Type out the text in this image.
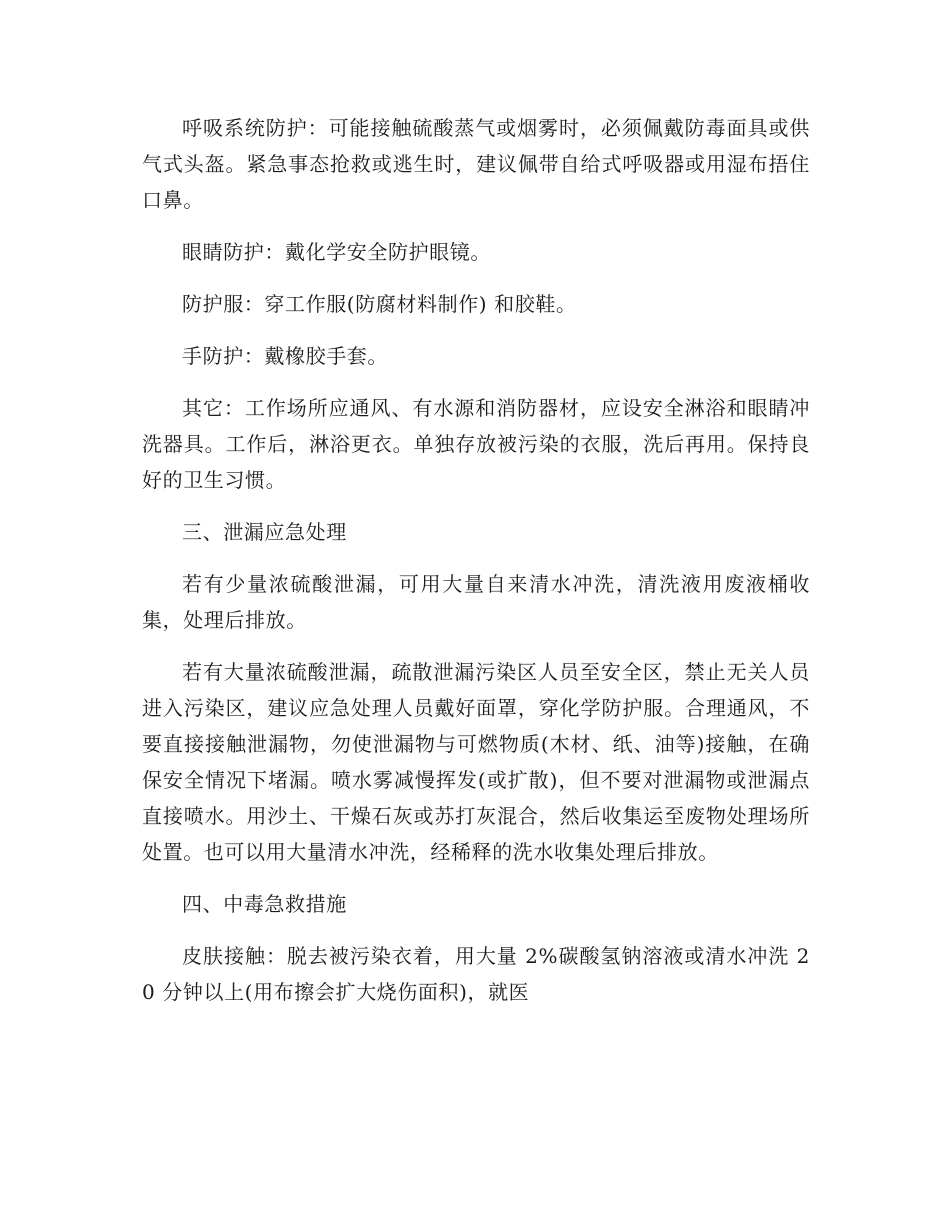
呼吸系统防护：可能接触硫酸蒸气或烟雾时，必须佩戴防毒面具或供气式头盔。紧急事态抢救或逃生时，建议佩带自给式呼吸器或用湿布捂住口鼻。

眼睛防护：戴化学安全防护眼镜。

防护服：穿工作服(防腐材料制作) 和胶鞋。

手防护：戴橡胶手套。

其它：工作场所应通风、有水源和消防器材，应设安全淋浴和眼睛冲洗器具。工作后，淋浴更衣。单独存放被污染的衣服，洗后再用。保持良好的卫生习惯。

三、泄漏应急处理

若有少量浓硫酸泄漏，可用大量自来清水冲洗，清洗液用废液桶收集，处理后排放。

若有大量浓硫酸泄漏，疏散泄漏污染区人员至安全区，禁止无关人员进入污染区，建议应急处理人员戴好面罩，穿化学防护服。合理通风，不要直接接触泄漏物，勿使泄漏物与可燃物质(木材、纸、油等)接触，在确保安全情况下堵漏。喷水雾减慢挥发(或扩散)，但不要对泄漏物或泄漏点直接喷水。用沙土、干燥石灰或苏打灰混合，然后收集运至废物处理场所处置。也可以用大量清水冲洗，经稀释的洗水收集处理后排放。

四、中毒急救措施

皮肤接触：脱去被污染衣着，用大量 2%碳酸氢钠溶液或清水冲洗 20 分钟以上(用布擦会扩大烧伤面积)，就医
